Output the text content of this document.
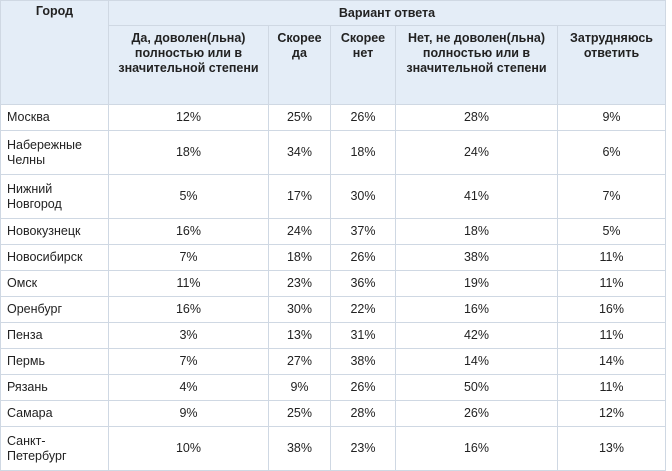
Город	Вариант ответа				
	Да, доволен(льна) полностью или в значительной степени	Скорее да	Скорее нет	Нет, не доволен(льна) полностью или в значительной степени	Затрудняюсь ответить
Москва	12%	25%	26%	28%	9%
Набережные Челны	18%	34%	18%	24%	6%
Нижний Новгород	5%	17%	30%	41%	7%
Новокузнецк	16%	24%	37%	18%	5%
Новосибирск	7%	18%	26%	38%	11%
Омск	11%	23%	36%	19%	11%
Оренбург	16%	30%	22%	16%	16%
Пенза	3%	13%	31%	42%	11%
Пермь	7%	27%	38%	14%	14%
Рязань	4%	9%	26%	50%	11%
Самара	9%	25%	28%	26%	12%
Санкт-Петербург	10%	38%	23%	16%	13%
